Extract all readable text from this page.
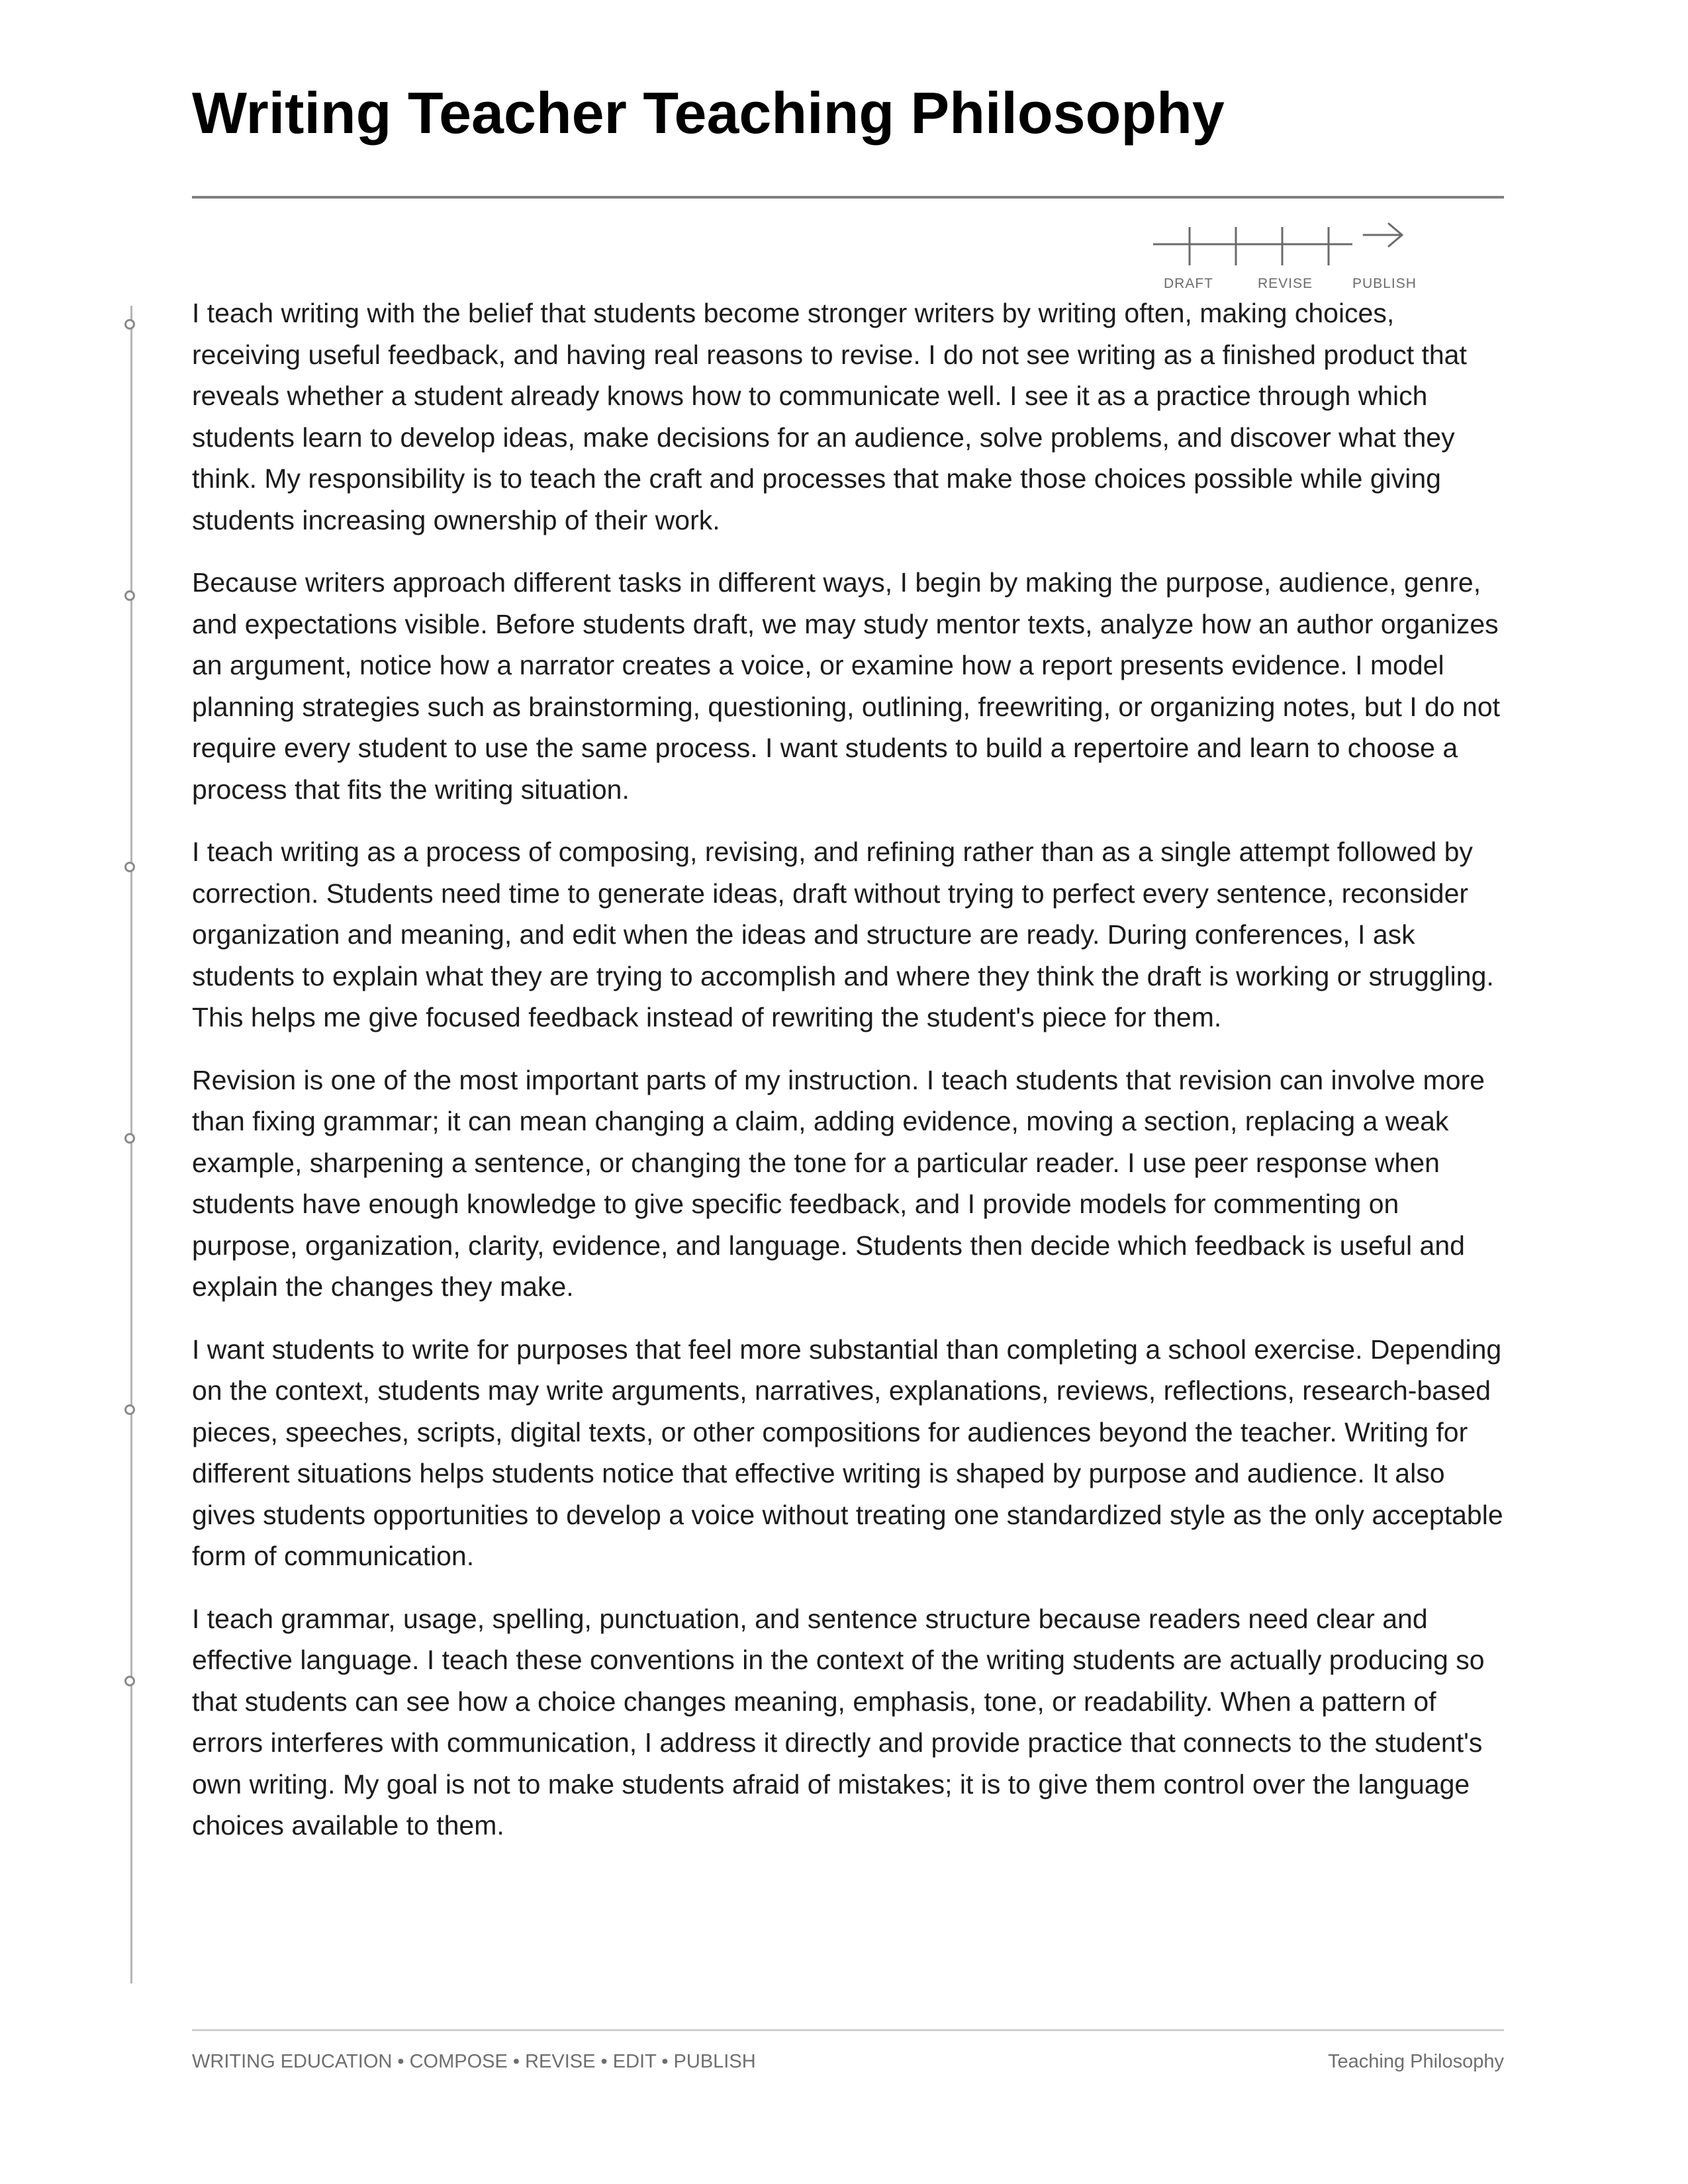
Writing Teacher Teaching Philosophy
DRAFT	REVISE	PUBLISH

I teach writing with the belief that students become stronger writers by writing often, making choices, receiving useful feedback, and having real reasons to revise. I do not see writing as a finished product that reveals whether a student already knows how to communicate well. I see it as a practice through which students learn to develop ideas, make decisions for an audience, solve problems, and discover what they think. My responsibility is to teach the craft and processes that make those choices possible while giving students increasing ownership of their work.

Because writers approach different tasks in different ways, I begin by making the purpose, audience, genre, and expectations visible. Before students draft, we may study mentor texts, analyze how an author organizes an argument, notice how a narrator creates a voice, or examine how a report presents evidence. I model planning strategies such as brainstorming, questioning, outlining, freewriting, or organizing notes, but I do not require every student to use the same process. I want students to build a repertoire and learn to choose a process that fits the writing situation.

I teach writing as a process of composing, revising, and refining rather than as a single attempt followed by correction. Students need time to generate ideas, draft without trying to perfect every sentence, reconsider organization and meaning, and edit when the ideas and structure are ready. During conferences, I ask students to explain what they are trying to accomplish and where they think the draft is working or struggling. This helps me give focused feedback instead of rewriting the student's piece for them.

Revision is one of the most important parts of my instruction. I teach students that revision can involve more than fixing grammar; it can mean changing a claim, adding evidence, moving a section, replacing a weak example, sharpening a sentence, or changing the tone for a particular reader. I use peer response when students have enough knowledge to give specific feedback, and I provide models for commenting on purpose, organization, clarity, evidence, and language. Students then decide which feedback is useful and explain the changes they make.

I want students to write for purposes that feel more substantial than completing a school exercise. Depending on the context, students may write arguments, narratives, explanations, reviews, reflections, research-based pieces, speeches, scripts, digital texts, or other compositions for audiences beyond the teacher. Writing for different situations helps students notice that effective writing is shaped by purpose and audience. It also gives students opportunities to develop a voice without treating one standardized style as the only acceptable form of communication.

I teach grammar, usage, spelling, punctuation, and sentence structure because readers need clear and effective language. I teach these conventions in the context of the writing students are actually producing so that students can see how a choice changes meaning, emphasis, tone, or readability. When a pattern of errors interferes with communication, I address it directly and provide practice that connects to the student's own writing. My goal is not to make students afraid of mistakes; it is to give them control over the language choices available to them.

WRITING EDUCATION • COMPOSE • REVISE • EDIT • PUBLISH	Teaching Philosophy
